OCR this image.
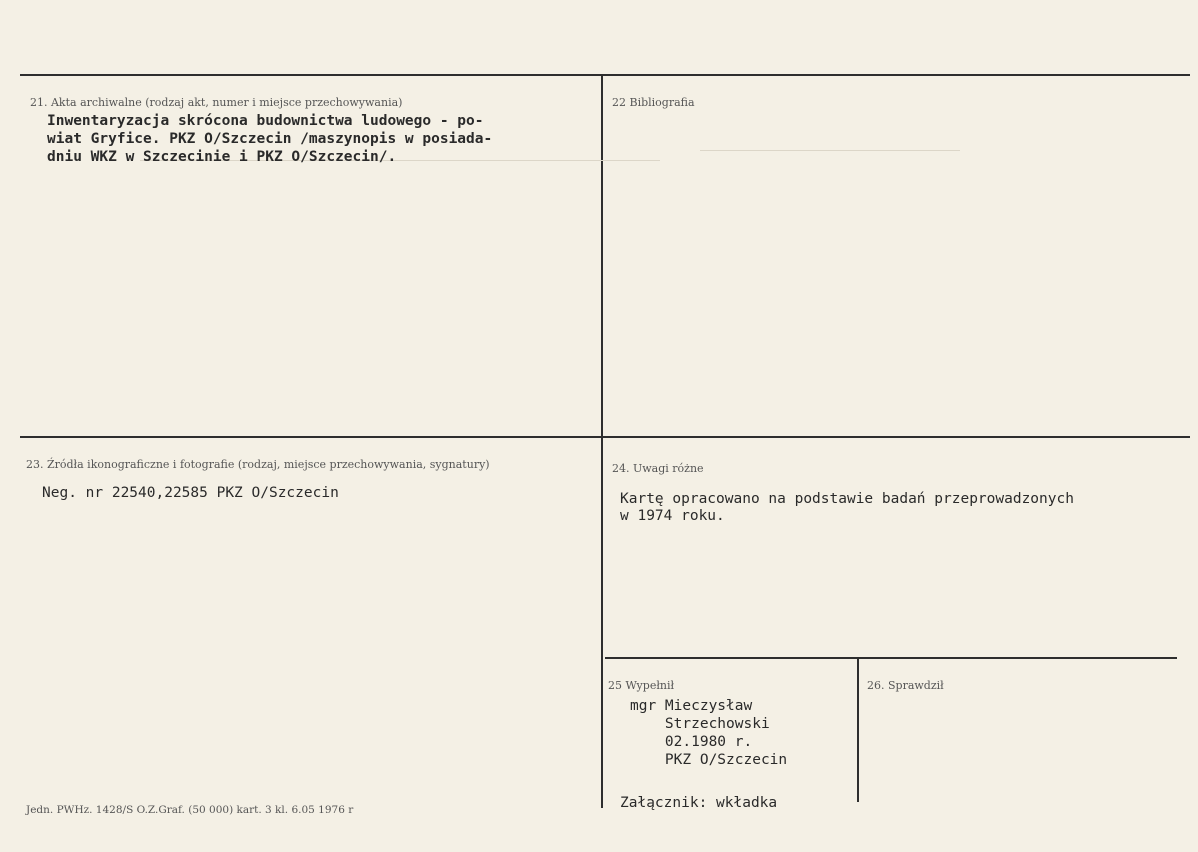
21. Akta archiwalne (rodzaj akt, numer i miejsce przechowywania)
Inwentaryzacja skrócona budownictwa ludowego - po-
wiat Gryfice. PKZ O/Szczecin /maszynopis w posiada-
dniu WKZ w Szczecinie i PKZ O/Szczecin/.
22 Bibliografia
23. Źródła ikonograficzne i fotografie (rodzaj, miejsce przechowywania, sygnatury)
Neg. nr 22540,22585 PKZ O/Szczecin
24. Uwagi różne
Kartę opracowano na podstawie badań przeprowadzonych
w 1974 roku.
25 Wypełnił
mgr Mieczysław
Strzechowski
02.1980 r.
PKZ O/Szczecin
26. Sprawdził
Jedn. PWHz. 1428/S O.Z.Graf. (50 000) kart. 3 kl. 6.05 1976 r	Załącznik: wkładka
